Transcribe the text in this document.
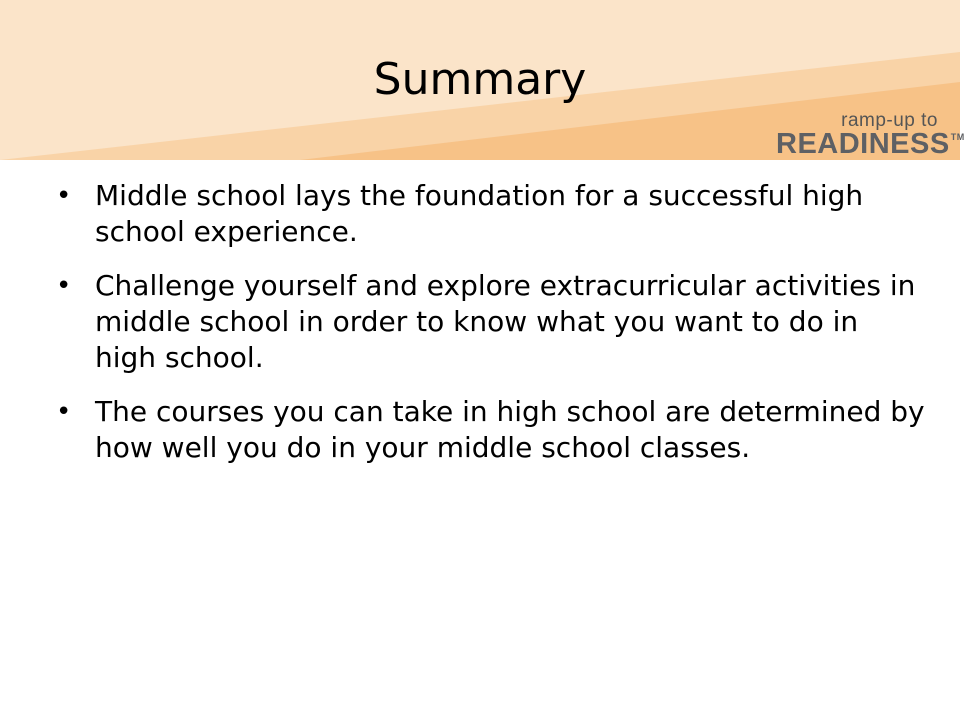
Summary
ramp-up to
READINESS™
• Middle school lays the foundation for a successful high school experience.
• Challenge yourself and explore extracurricular activities in middle school in order to know what you want to do in high school.
• The courses you can take in high school are determined by how well you do in your middle school classes.
